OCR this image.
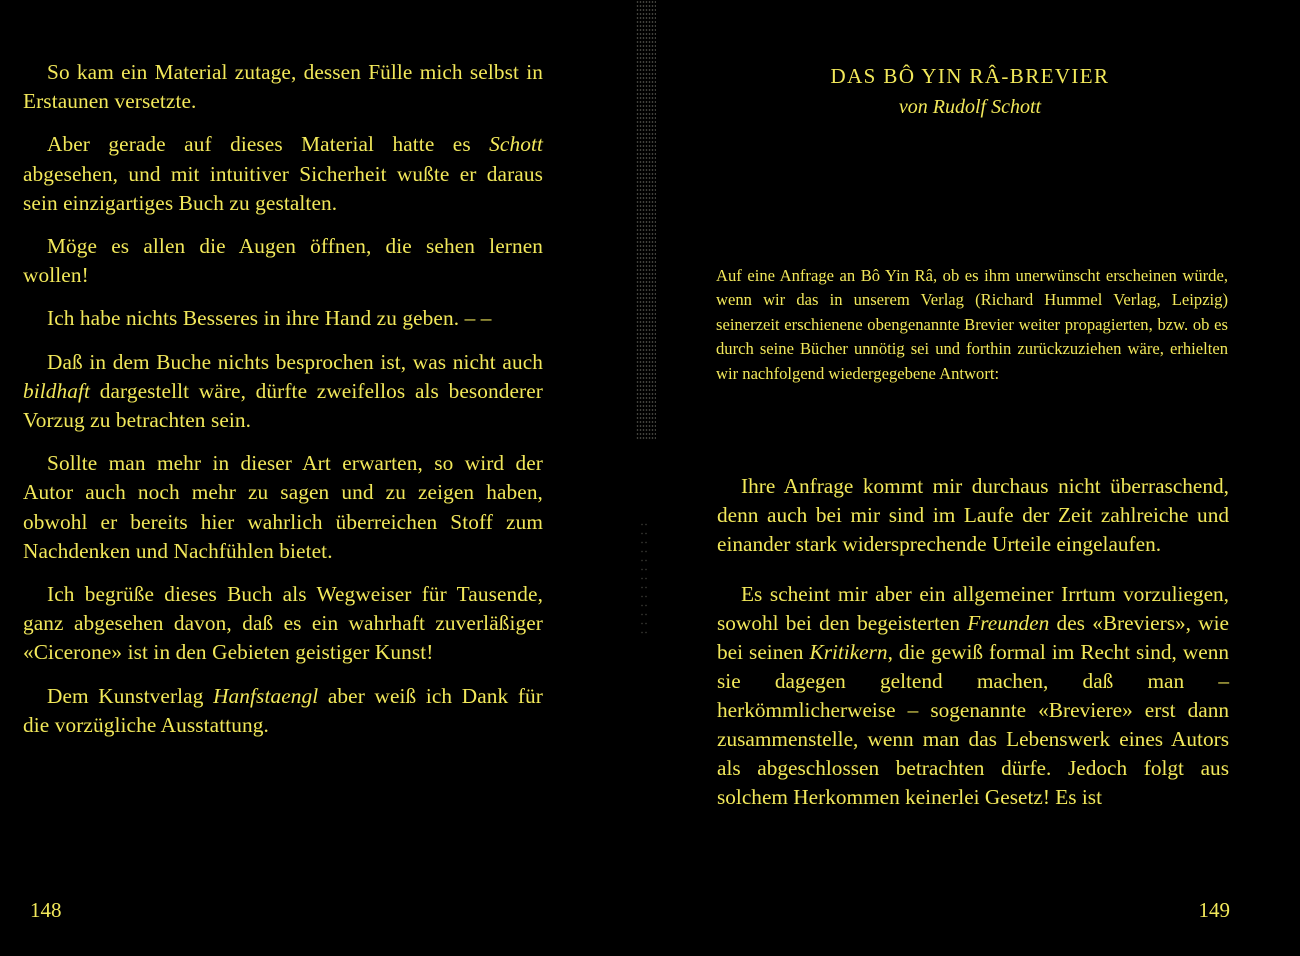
So kam ein Material zutage, dessen Fülle mich selbst in Erstaunen versetzte.

Aber gerade auf dieses Material hatte es Schott abgesehen, und mit intuitiver Sicherheit wußte er daraus sein einzigartiges Buch zu gestalten.

Möge es allen die Augen öffnen, die sehen lernen wollen!

Ich habe nichts Besseres in ihre Hand zu geben. – –

Daß in dem Buche nichts besprochen ist, was nicht auch bildhaft dargestellt wäre, dürfte zweifellos als besonderer Vorzug zu betrachten sein.

Sollte man mehr in dieser Art erwarten, so wird der Autor auch noch mehr zu sagen und zu zeigen haben, obwohl er bereits hier wahrlich überreichen Stoff zum Nachdenken und Nachfühlen bietet.

Ich begrüße dieses Buch als Wegweiser für Tausende, ganz abgesehen davon, daß es ein wahrhaft zuverläßiger «Cicerone» ist in den Gebieten geistiger Kunst!

Dem Kunstverlag Hanfstaengl aber weiß ich Dank für die vorzügliche Ausstattung.

148
DAS BÔ YIN RÂ-BREVIER
von Rudolf Schott
Auf eine Anfrage an Bô Yin Râ, ob es ihm unerwünscht erscheinen würde, wenn wir das in unserem Verlag (Richard Hummel Verlag, Leipzig) seinerzeit erschienene obengenannte Brevier weiter propagierten, bzw. ob es durch seine Bücher unnötig sei und forthin zurückzuziehen wäre, erhielten wir nachfolgend wiedergegebene Antwort:

Ihre Anfrage kommt mir durchaus nicht überraschend, denn auch bei mir sind im Laufe der Zeit zahlreiche und einander stark widersprechende Urteile eingelaufen.

Es scheint mir aber ein allgemeiner Irrtum vorzuliegen, sowohl bei den begeisterten Freunden des «Breviers», wie bei seinen Kritikern, die gewiß formal im Recht sind, wenn sie dagegen geltend machen, daß man – herkömmlicherweise – sogenannte «Breviere» erst dann zusammenstelle, wenn man das Lebenswerk eines Autors als abgeschlossen betrachten dürfe. Jedoch folgt aus solchem Herkommen keinerlei Gesetz! Es ist

149
